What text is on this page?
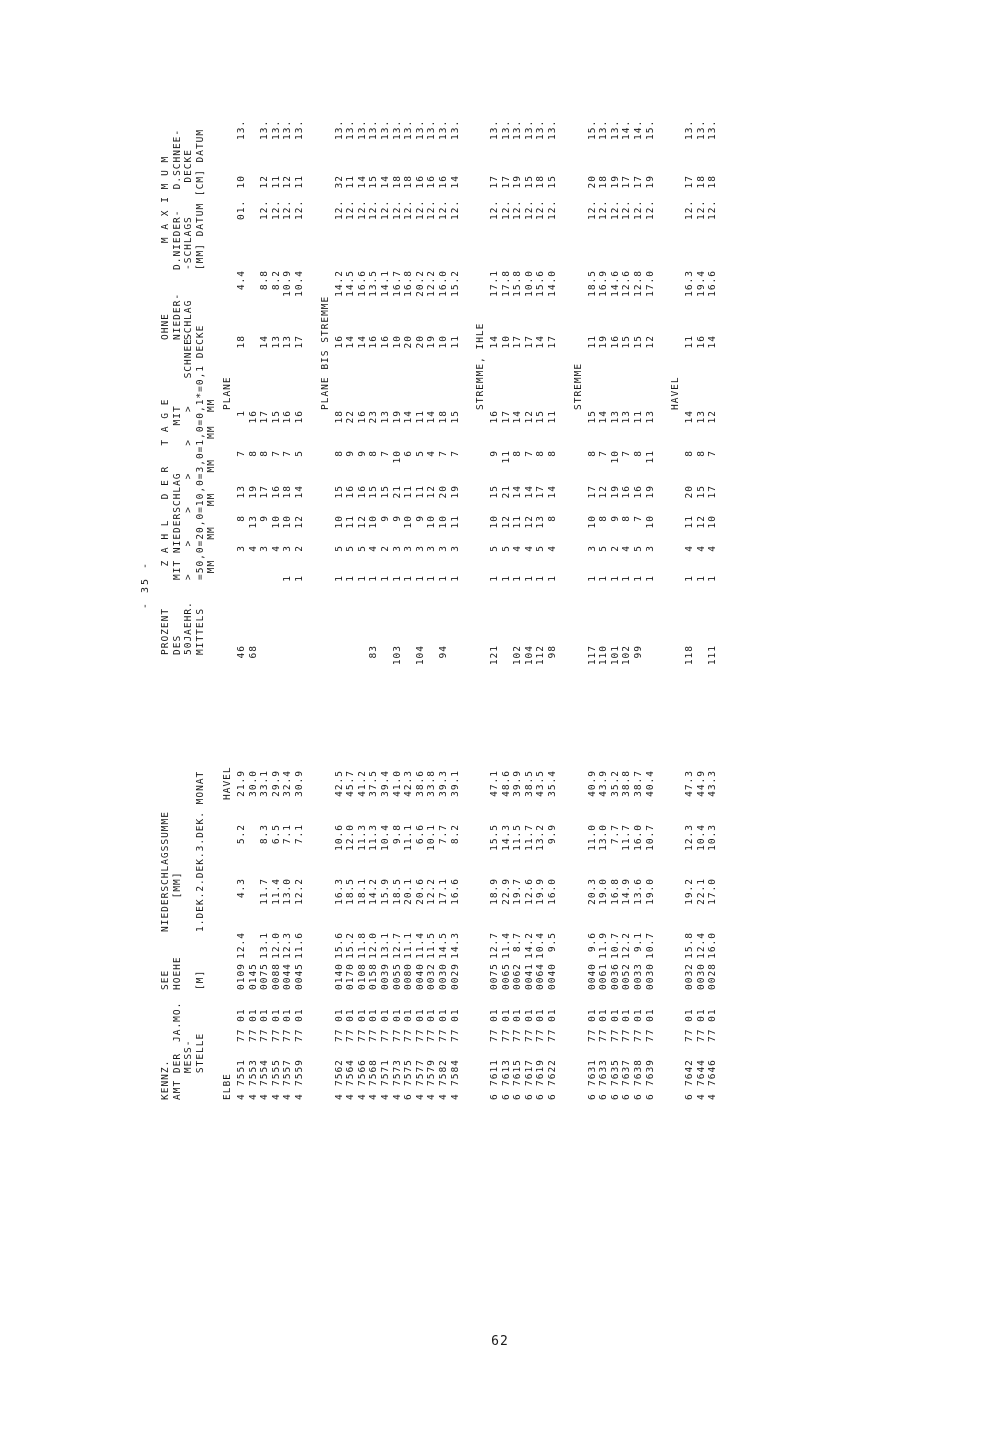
- 35 -
KENNZ.
AMT DER
MESS-
STELLE

JA.MO.
SEE
HOEHE

[M]
NIEDERSCHLAGSSUMME
[MM]

1.DEK.2.DEK.3.DEK. MONAT
PROZENT
DES
50JAEHR.
MITTELS
Z A H L   D E R   T A G E
MIT NIEDERSCHLAG       MIT
>    >    >    >    >    >    SCHNEE-
=50,0=20,0=10,0=3,0=1,0=0,1*=0,1 DECKE
MM   MM   MM   MM   MM  MM
OHNE
NIEDER-
SCHLAG
M A X I M U M
D.NIEDER-   D.SCHNEE-
-SCHLAGS     DECKE
[MM] DATUM [CM] DATUM
ELBE
HAVEL
PLANE
4
7551
77 01
0109
12.4
4.3
5.2
21.9
46
3
8
13
7
1
18
4.4
01.
10
13.
4
7553
77 01
0145
30.0
68
4
13
19
8
16
4
7554
77 01
0075
13.1
11.7
8.3
33.1
3
9
17
8
17
14
8.8
12.
12
13.
4
7555
77 01
0088
12.0
11.4
6.5
29.9
4
10
16
7
15
13
8.2
12.
11
13.
4
7557
77 01
0044
12.3
13.0
7.1
32.4
1
3
10
18
7
16
13
10.9
12.
12
13.
4
7559
77 01
0045
11.6
12.2
7.1
30.9
1
2
12
14
5
16
17
10.4
12.
11
13.
PLANE BIS STREMME
4
7562
77 01
0140
15.6
16.3
10.6
42.5
1
5
10
15
8
18
16
14.2
12.
32
13.
4
7564
77 01
0170
15.2
18.5
12.0
45.7
1
5
11
16
9
22
14
14.5
12.
11
13.
4
7566
77 01
0108
11.8
18.1
11.3
41.2
1
5
12
16
9
16
14
16.6
12.
14
13.
4
7568
77 01
0158
12.0
14.2
11.3
37.5
83
1
4
10
15
8
23
16
13.5
12.
15
13.
4
7571
77 01
0039
13.1
15.9
10.4
39.4
1
2
9
15
7
13
16
14.1
12.
14
13.
4
7573
77 01
0055
12.7
18.5
9.8
41.0
103
1
3
9
21
10
19
10
16.7
12.
18
13.
6
7575
77 01
0080
11.1
20.1
11.1
42.3
1
3
10
11
6
14
20
16.8
12.
18
13.
4
7577
77 01
0040
11.4
20.6
6.6
38.6
104
1
3
9
11
5
11
20
20.2
12.
16
13.
4
7579
77 01
0032
11.5
12.2
10.1
33.8
1
3
10
12
4
14
19
12.2
12.
16
13.
4
7582
77 01
0030
14.5
17.1
7.7
39.3
94
1
3
10
20
7
18
10
16.0
12.
16
13.
4
7584
77 01
0029
14.3
16.6
8.2
39.1
1
3
11
19
7
15
11
15.2
12.
14
13.
STREMME, IHLE
6
7611
77 01
0075
12.7
18.9
15.5
47.1
121
1
5
10
15
9
16
14
17.1
12.
17
13.
6
7613
77 01
0065
11.4
22.9
14.3
48.6
1
5
12
21
11
17
10
17.8
12.
17
13.
6
7615
77 01
0062
8.7
19.7
11.5
39.9
102
1
4
11
14
8
14
17
15.8
12.
19
13.
6
7617
77 01
0041
14.2
12.6
11.7
38.5
104
1
4
12
14
7
12
17
10.0
12.
15
13.
6
7619
77 01
0064
10.4
19.9
13.2
43.5
112
1
5
13
17
8
15
14
15.6
12.
18
13.
6
7622
77 01
0040
9.5
16.0
9.9
35.4
98
1
4
8
14
8
11
17
14.0
12.
15
13.
STREMME
6
7631
77 01
0040
9.6
20.3
11.0
40.9
117
1
3
10
17
8
15
11
18.5
12.
20
15.
6
7633
77 01
0061
11.9
19.0
13.0
43.9
110
1
5
8
12
7
14
19
16.9
12.
18
13.
6
7635
77 01
0036
10.7
16.8
7.7
35.2
101
1
2
9
19
10
13
16
14.6
12.
19
13.
6
7637
77 01
0052
12.2
14.9
11.7
38.8
102
1
4
8
16
7
13
15
12.6
12.
17
14.
6
7638
77 01
0033
9.1
13.6
16.0
38.7
99
1
5
7
16
8
11
15
12.8
12.
17
14.
6
7639
77 01
0030
10.7
19.0
10.7
40.4
1
3
10
19
11
13
12
17.0
12.
19
15.
HAVEL
6
7642
77 01
0032
15.8
19.2
12.3
47.3
118
1
4
11
20
8
14
11
16.3
12.
17
13.
4
7644
77 01
0030
12.4
22.1
10.4
44.9
1
4
12
15
8
13
16
19.4
12.
18
13.
4
7646
77 01
0028
16.0
17.0
10.3
43.3
111
1
4
10
17
7
12
14
16.6
12.
18
13.
62
